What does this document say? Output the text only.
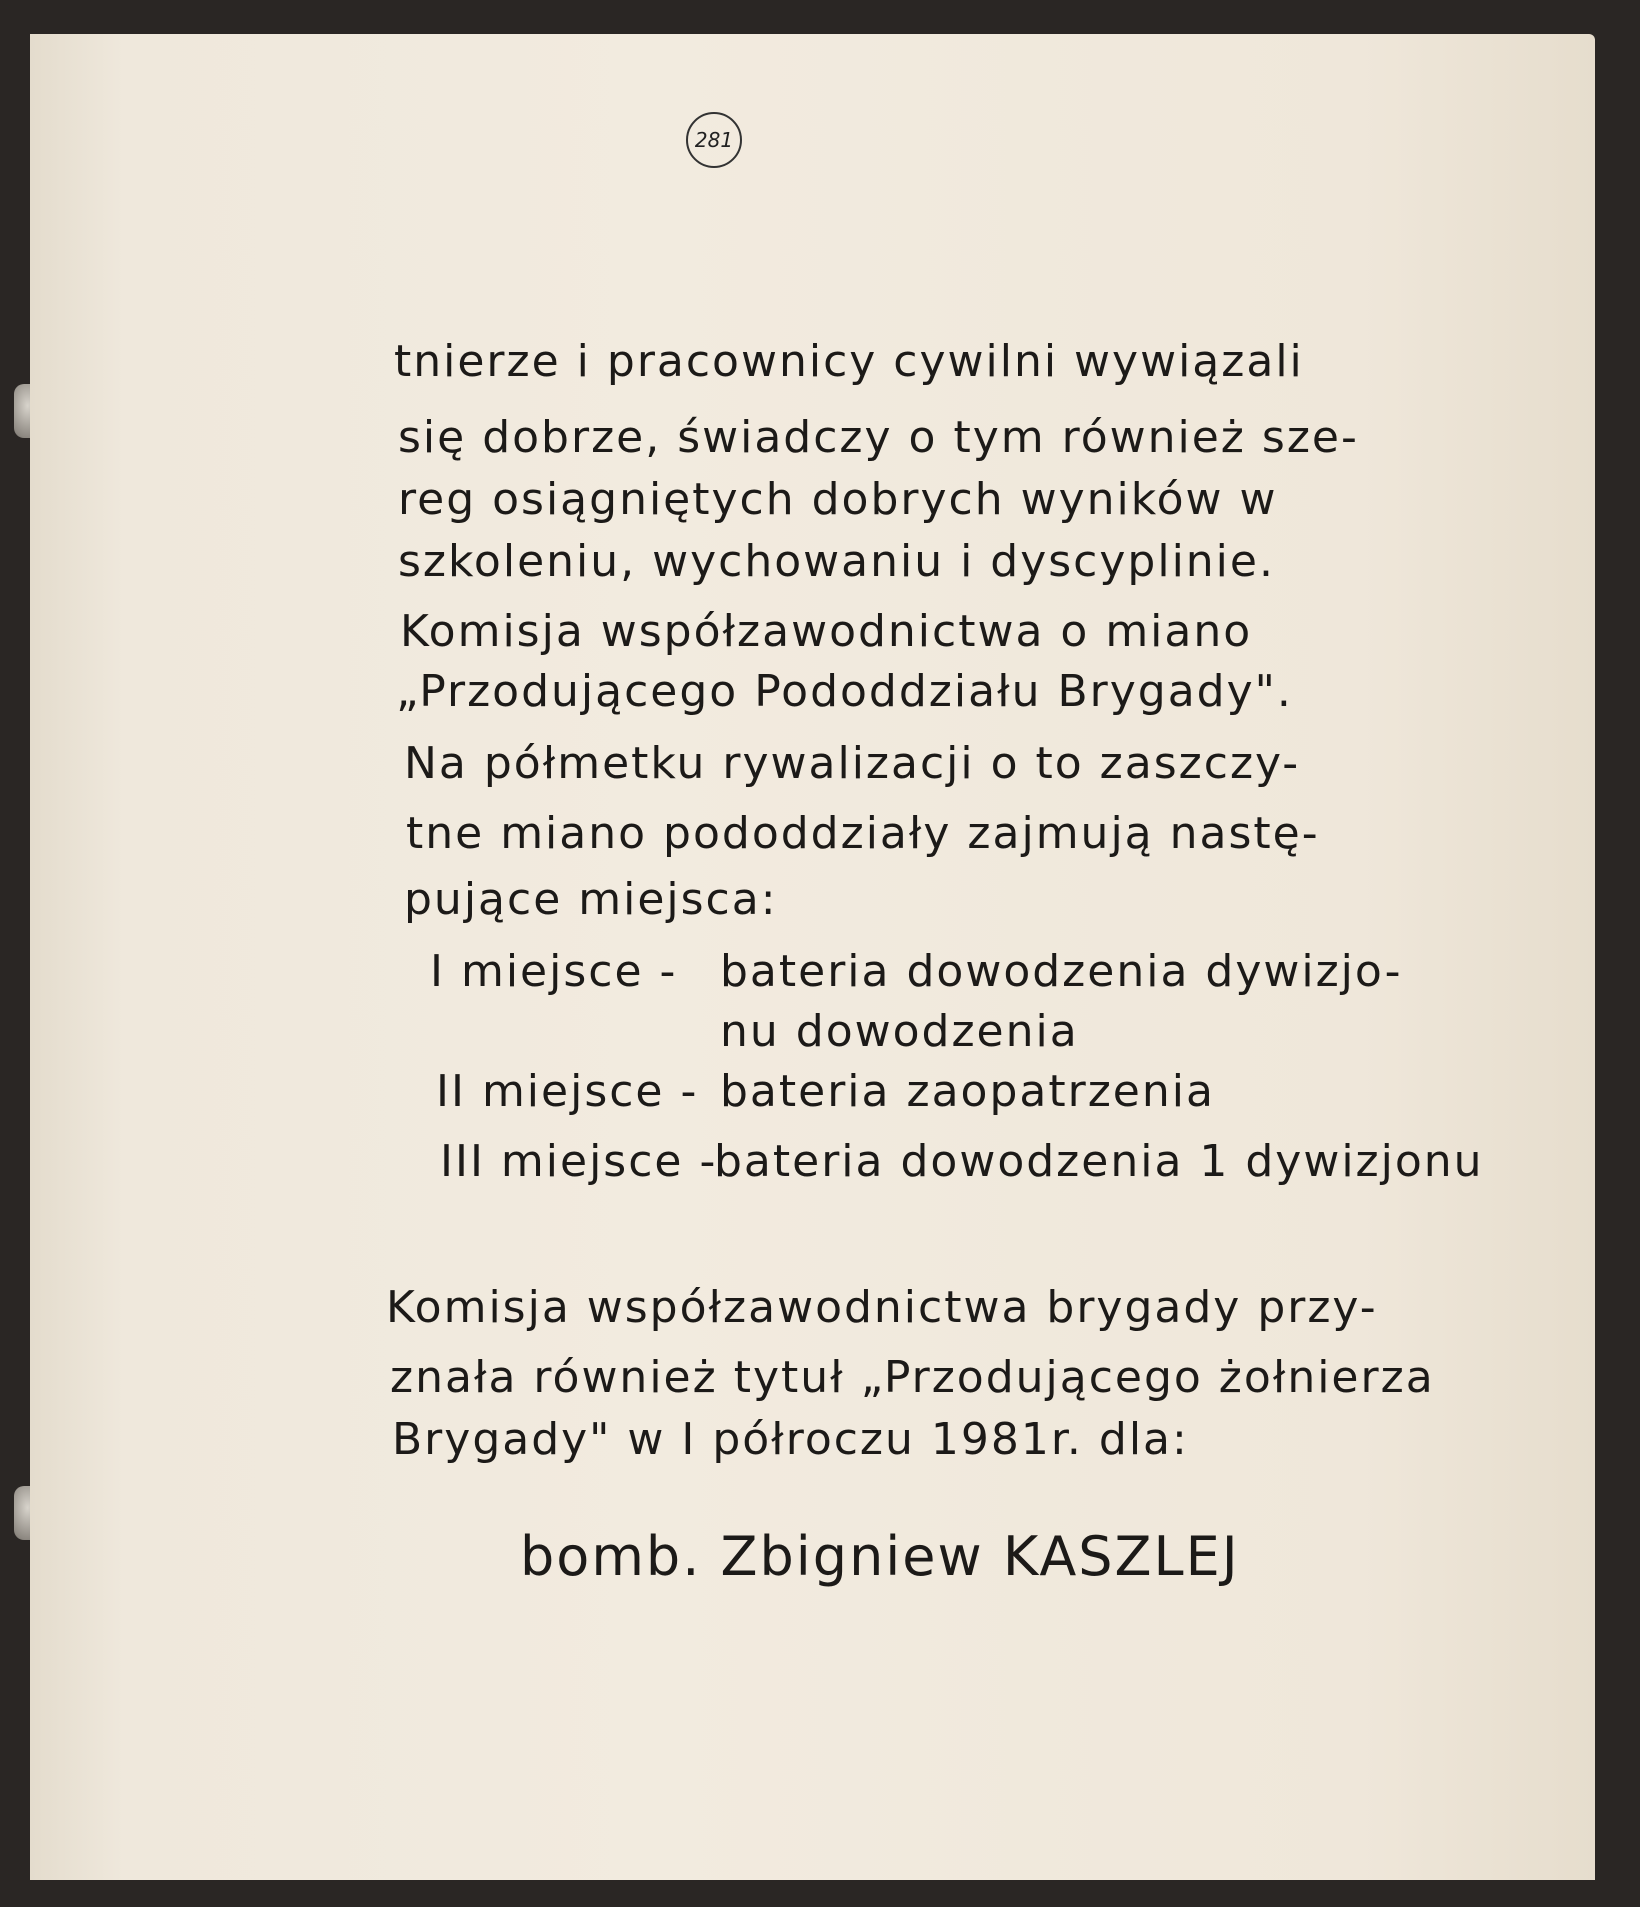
281
tnierze i pracownicy cywilni wywiązali
się dobrze, świadczy o tym również sze-
reg osiągniętych dobrych wyników w
szkoleniu, wychowaniu i dyscyplinie.
Komisja współzawodnictwa o miano
„Przodującego Pododdziału Brygady".
Na półmetku rywalizacji o to zaszczy-
tne miano pododdziały zajmują nastę-
pujące miejsca:
I miejsce - bateria dowodzenia dywizjo-
nu dowodzenia
II miejsce - bateria zaopatrzenia
III miejsce -
bateria dowodzenia 1 dywizjonu
Komisja współzawodnictwa brygady przy-
znała również tytuł „Przodującego żołnierza
Brygady" w I półroczu 1981r. dla:
bomb. Zbigniew KASZLEJ
